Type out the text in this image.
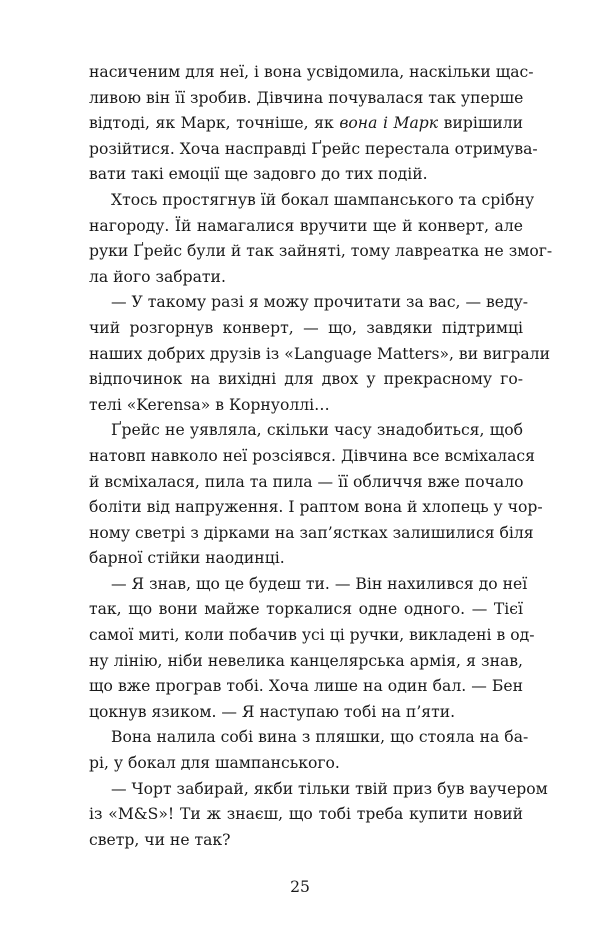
насиченим для неї, і вона усвідомила, наскільки щас-
ливою він її зробив. Дівчина почувалася так уперше
відтоді, як Марк, точніше, як вона і Марк вирішили
розійтися. Хоча насправді Ґрейс перестала отримува-
вати такі емоції ще задовго до тих подій.
Хтось простягнув їй бокал шампанського та срібну
нагороду. Їй намагалися вручити ще й конверт, але
руки Ґрейс були й так зайняті, тому лавреатка не змог-
ла його забрати.
— У такому разі я можу прочитати за вас, — веду-
чий розгорнув конверт, — що, завдяки підтримці
наших добрих друзів із «Language Matters», ви виграли
відпочинок на вихідні для двох у прекрасному го-
телі «Kerensa» в Корнуоллі…
Ґрейс не уявляла, скільки часу знадобиться, щоб
натовп навколо неї розсіявся. Дівчина все всміхалася
й всміхалася, пила та пила — її обличчя вже почало
боліти від напруження. І раптом вона й хлопець у чор-
ному светрі з дірками на зап’ястках залишилися біля
барної стійки наодинці.
— Я знав, що це будеш ти. — Він нахилився до неї
так, що вони майже торкалися одне одного. — Тієї
самої миті, коли побачив усі ці ручки, викладені в од-
ну лінію, ніби невелика канцелярська армія, я знав,
що вже програв тобі. Хоча лише на один бал. — Бен
цокнув язиком. — Я наступаю тобі на п’яти.
Вона налила собі вина з пляшки, що стояла на ба-
рі, у бокал для шампанського.
— Чорт забирай, якби тільки твій приз був ваучером
із «M&S»! Ти ж знаєш, що тобі треба купити новий
светр, чи не так?
25
